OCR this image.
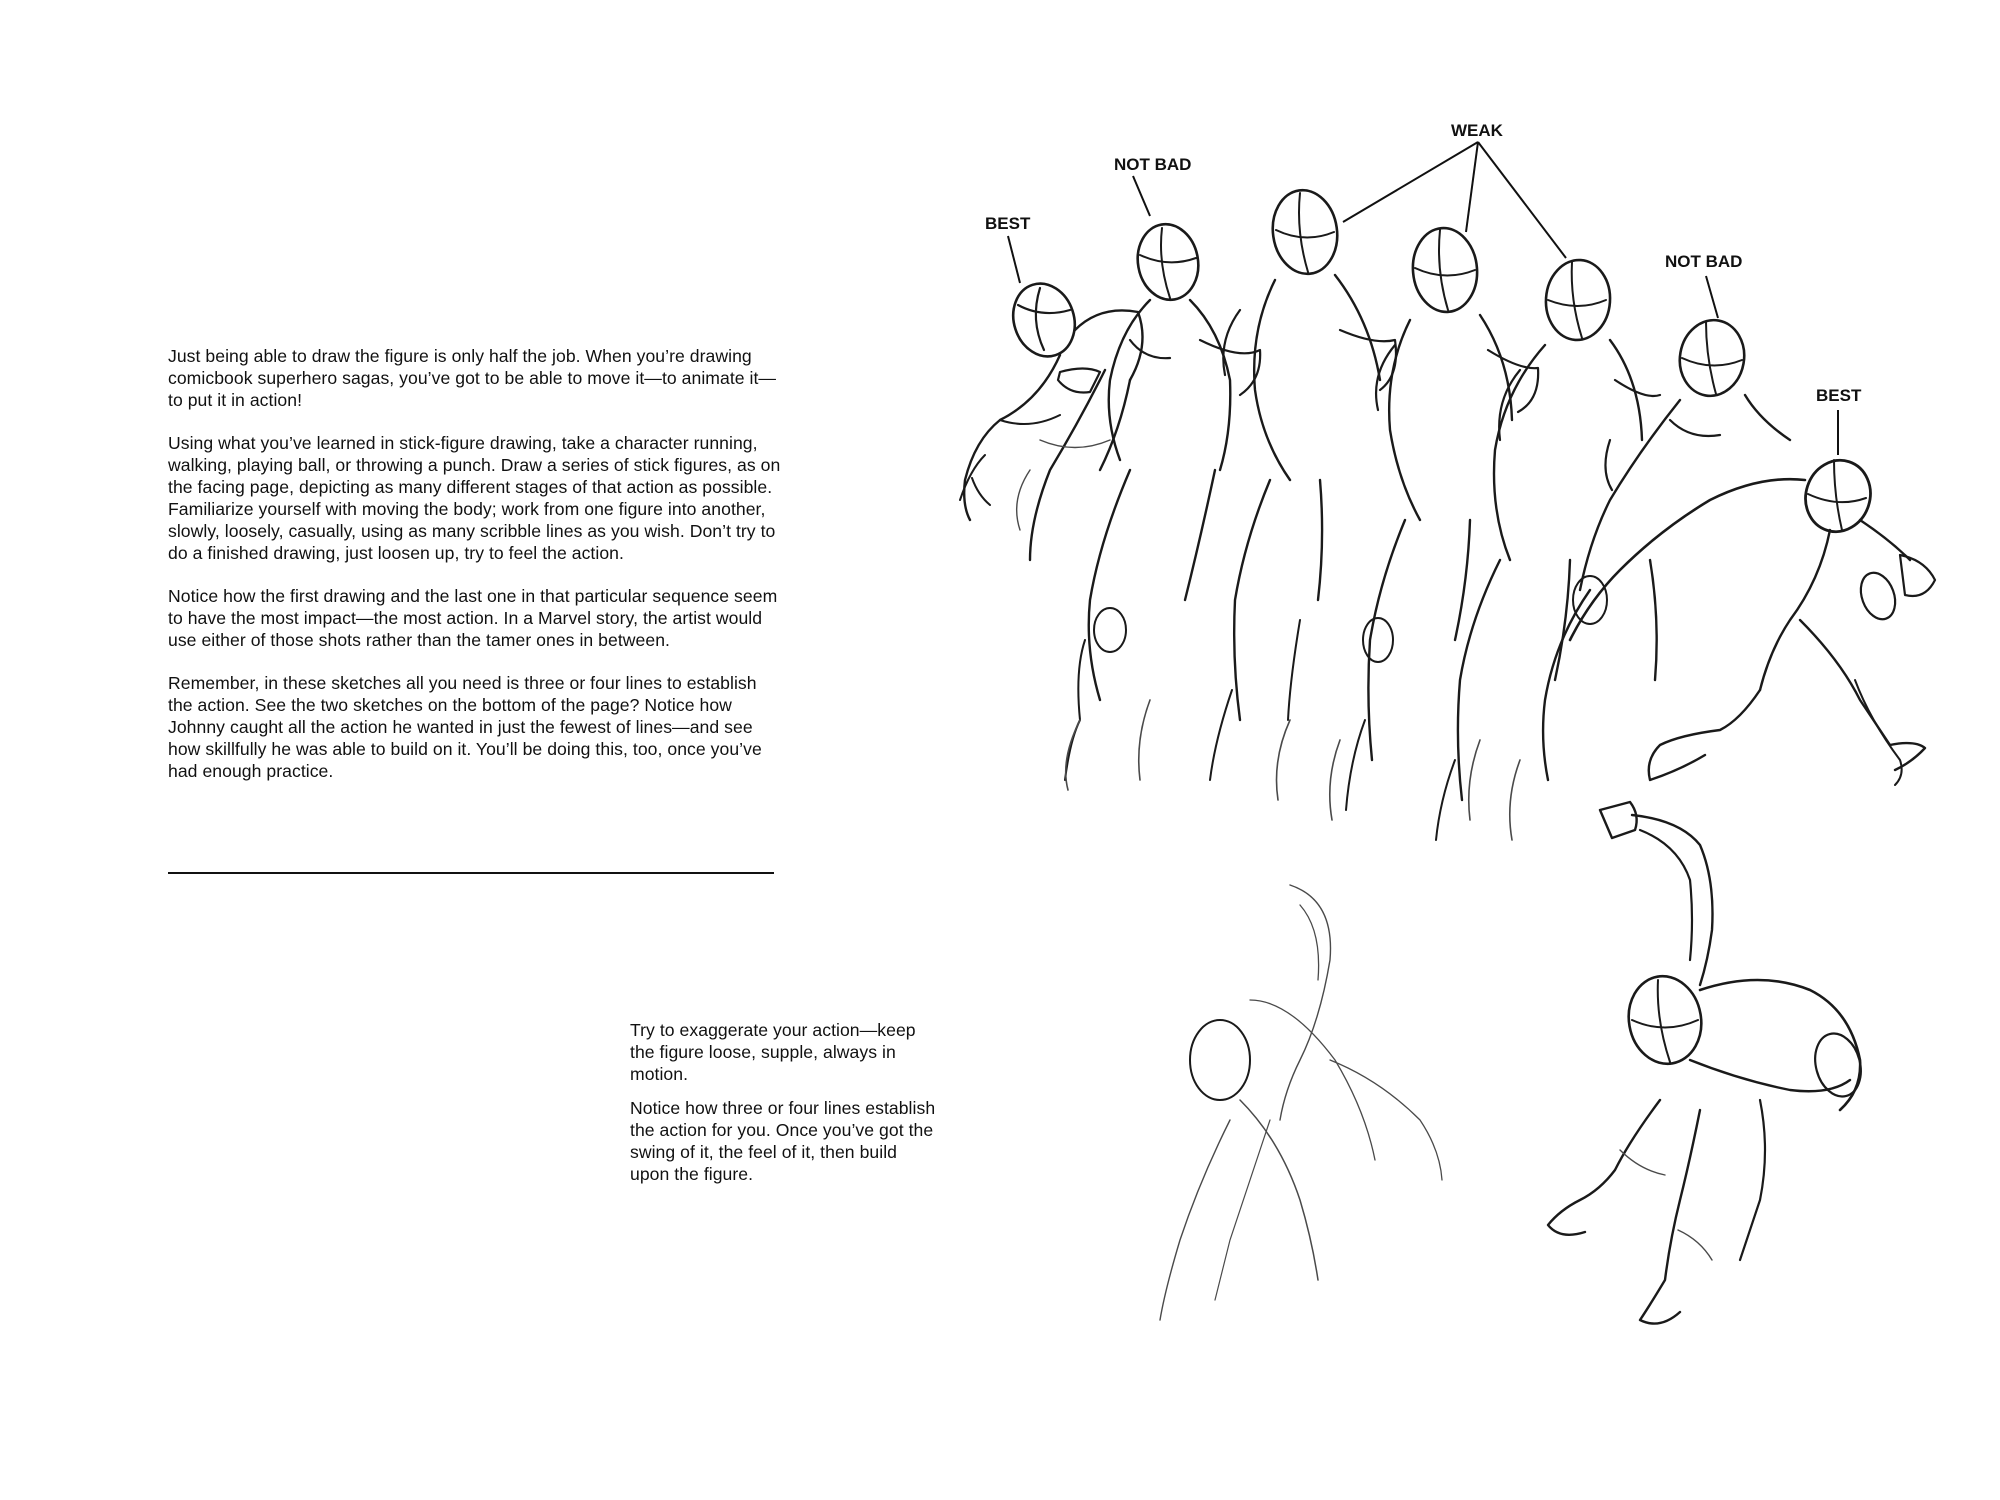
Just being able to draw the figure is only half the job. When you’re drawing comicbook superhero sagas, you’ve got to be able to move it—to animate it—to put it in action!

Using what you’ve learned in stick-figure drawing, take a character running, walking, playing ball, or throwing a punch. Draw a series of stick figures, as on the facing page, depicting as many different stages of that action as possible. Familiarize yourself with moving the body; work from one figure into another, slowly, loosely, casually, using as many scribble lines as you wish. Don’t try to do a finished drawing, just loosen up, try to feel the action.

Notice how the first drawing and the last one in that particular sequence seem to have the most impact—the most action. In a Marvel story, the artist would use either of those shots rather than the tamer ones in between.

Remember, in these sketches all you need is three or four lines to establish the action. See the two sketches on the bottom of the page? Notice how Johnny caught all the action he wanted in just the fewest of lines—and see how skillfully he was able to build on it. You’ll be doing this, too, once you’ve had enough practice.

Try to exaggerate your action—keep the figure loose, supple, always in motion.

Notice how three or four lines establish the action for you. Once you’ve got the swing of it, the feel of it, then build upon the figure.

BEST
NOT BAD
WEAK
NOT BAD
BEST
